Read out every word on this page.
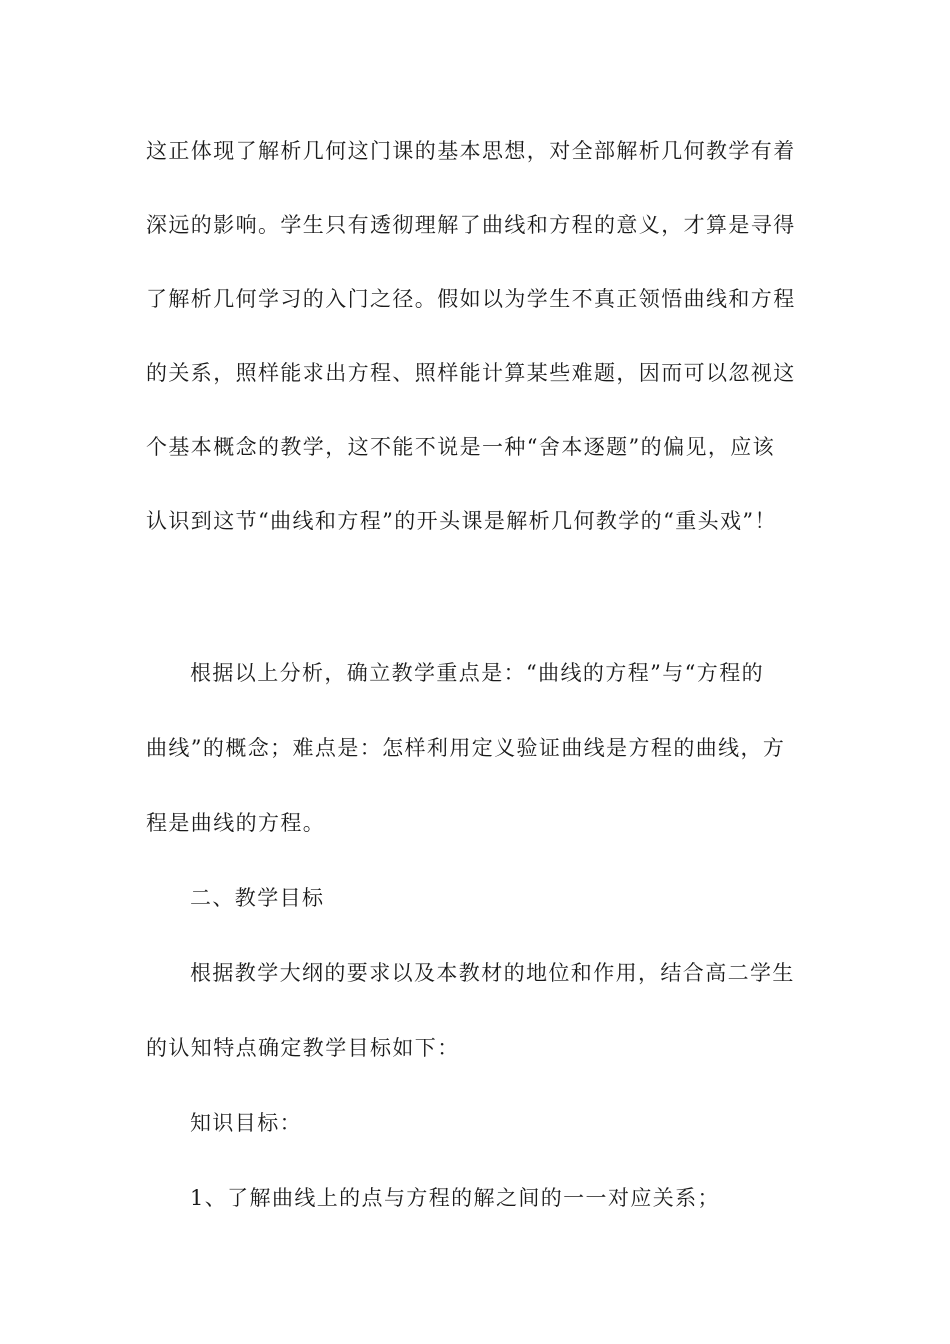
这正体现了解析几何这门课的基本思想，对全部解析几何教学有着
深远的影响。学生只有透彻理解了曲线和方程的意义，才算是寻得
了解析几何学习的入门之径。假如以为学生不真正领悟曲线和方程
的关系，照样能求出方程、照样能计算某些难题，因而可以忽视这
个基本概念的教学，这不能不说是一种“舍本逐题”的偏见，应该
认识到这节“曲线和方程”的开头课是解析几何教学的“重头戏”！
根据以上分析，确立教学重点是：“曲线的方程”与“方程的
曲线”的概念；难点是：怎样利用定义验证曲线是方程的曲线，方
程是曲线的方程。
二、教学目标
根据教学大纲的要求以及本教材的地位和作用，结合高二学生
的认知特点确定教学目标如下：
知识目标：
1、了解曲线上的点与方程的解之间的一一对应关系；
